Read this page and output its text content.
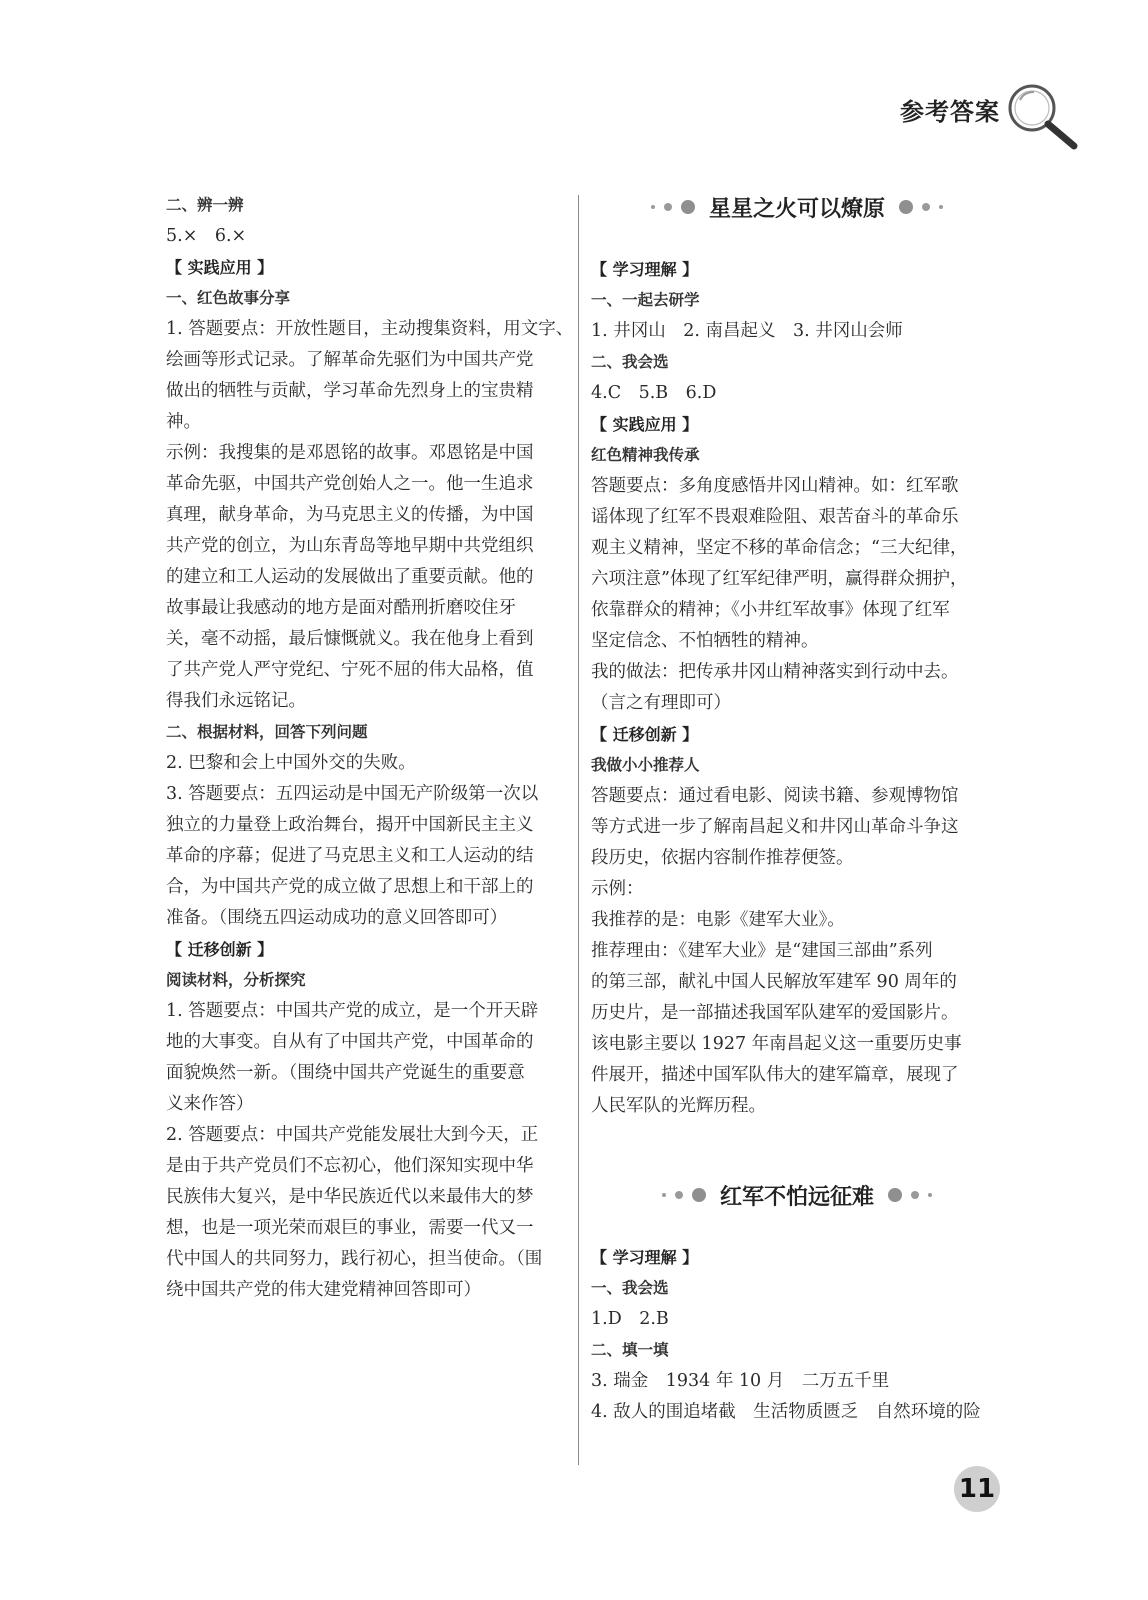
参考答案
二、辨一辨
5.×　6.×
【 实践应用 】
一、红色故事分享
1. 答题要点：开放性题目，主动搜集资料，用文字、
绘画等形式记录。了解革命先驱们为中国共产党
做出的牺牲与贡献，学习革命先烈身上的宝贵精
神。
示例：我搜集的是邓恩铭的故事。邓恩铭是中国
革命先驱，中国共产党创始人之一。他一生追求
真理，献身革命，为马克思主义的传播，为中国
共产党的创立，为山东青岛等地早期中共党组织
的建立和工人运动的发展做出了重要贡献。他的
故事最让我感动的地方是面对酷刑折磨咬住牙
关，毫不动摇，最后慷慨就义。我在他身上看到
了共产党人严守党纪、宁死不屈的伟大品格，值
得我们永远铭记。
二、根据材料，回答下列问题
2. 巴黎和会上中国外交的失败。
3. 答题要点：五四运动是中国无产阶级第一次以
独立的力量登上政治舞台，揭开中国新民主主义
革命的序幕；促进了马克思主义和工人运动的结
合，为中国共产党的成立做了思想上和干部上的
准备。（围绕五四运动成功的意义回答即可）
【 迁移创新 】
阅读材料，分析探究
1. 答题要点：中国共产党的成立，是一个开天辟
地的大事变。自从有了中国共产党，中国革命的
面貌焕然一新。（围绕中国共产党诞生的重要意
义来作答）
2. 答题要点：中国共产党能发展壮大到今天，正
是由于共产党员们不忘初心，他们深知实现中华
民族伟大复兴，是中华民族近代以来最伟大的梦
想，也是一项光荣而艰巨的事业，需要一代又一
代中国人的共同努力，践行初心，担当使命。（围
绕中国共产党的伟大建党精神回答即可）
星星之火可以燎原
【 学习理解 】
一、一起去研学
1. 井冈山　2. 南昌起义　3. 井冈山会师
二、我会选
4.C　5.B　6.D
【 实践应用 】
红色精神我传承
答题要点：多角度感悟井冈山精神。如：红军歌
谣体现了红军不畏艰难险阻、艰苦奋斗的革命乐
观主义精神，坚定不移的革命信念；“三大纪律，
六项注意”体现了红军纪律严明，赢得群众拥护，
依靠群众的精神；《小井红军故事》体现了红军
坚定信念、不怕牺牲的精神。
我的做法：把传承井冈山精神落实到行动中去。
（言之有理即可）
【 迁移创新 】
我做小小推荐人
答题要点：通过看电影、阅读书籍、参观博物馆
等方式进一步了解南昌起义和井冈山革命斗争这
段历史，依据内容制作推荐便签。
示例：
我推荐的是：电影《建军大业》。
推荐理由：《建军大业》是“建国三部曲”系列
的第三部，献礼中国人民解放军建军 90 周年的
历史片，是一部描述我国军队建军的爱国影片。
该电影主要以 1927 年南昌起义这一重要历史事
件展开，描述中国军队伟大的建军篇章，展现了
人民军队的光辉历程。
红军不怕远征难
【 学习理解 】
一、我会选
1.D　2.B
二、填一填
3. 瑞金　1934 年 10 月　二万五千里
4. 敌人的围追堵截　生活物质匮乏　自然环境的险
11
